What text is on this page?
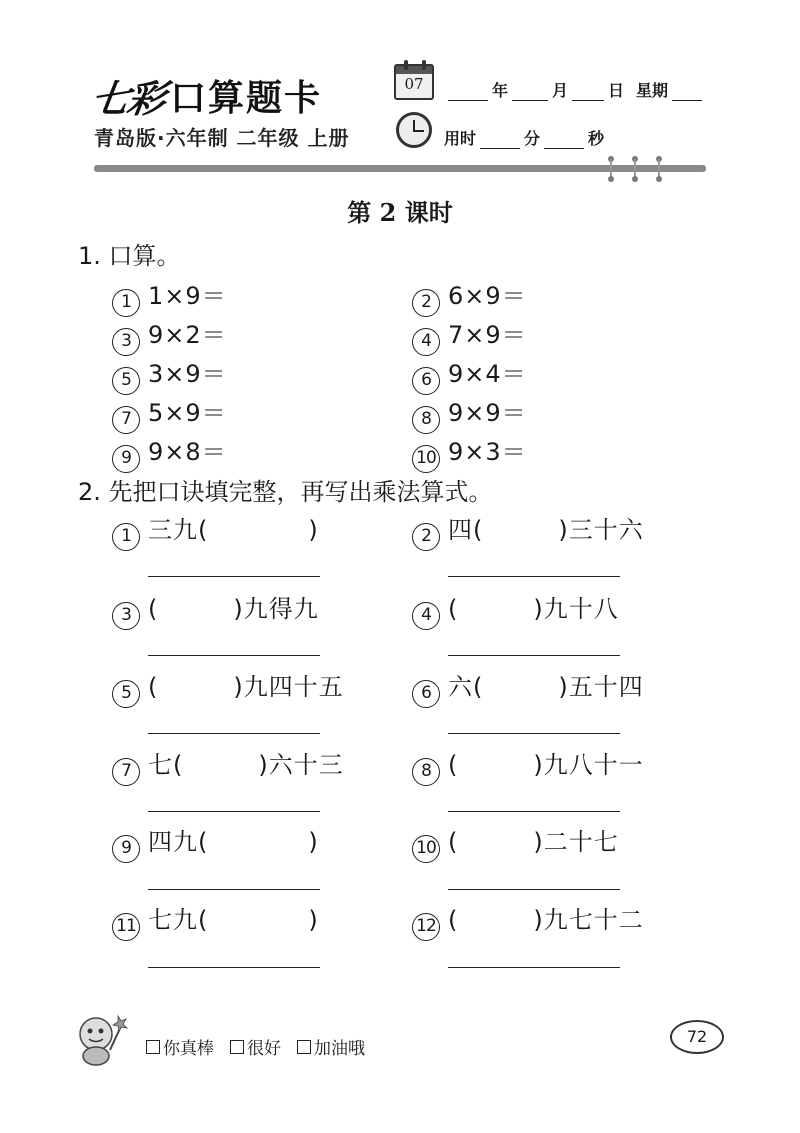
七彩 口算题卡
青岛版·六年制 二年级 上册
07	年	月	日 星期
用时	分	秒
第 2 课时
1. 口算。
1 1×9＝	2 6×9＝
3 9×2＝	4 7×9＝
5 3×9＝	6 9×4＝
7 5×9＝	8 9×9＝
9 9×8＝	10 9×3＝
2. 先把口诀填完整，再写出乘法算式。
1 三九(　　　　)	2 四(　　　)三十六
3 (　　　)九得九	4 (　　　)九十八
5 (　　　)九四十五	6 六(　　　)五十四
7 七(　　　)六十三	8 (　　　)九八十一
9 四九(　　　　)	10 (　　　)二十七
11 七九(　　　　)	12 (　　　)九七十二
你真棒 很好 加油哦
72
